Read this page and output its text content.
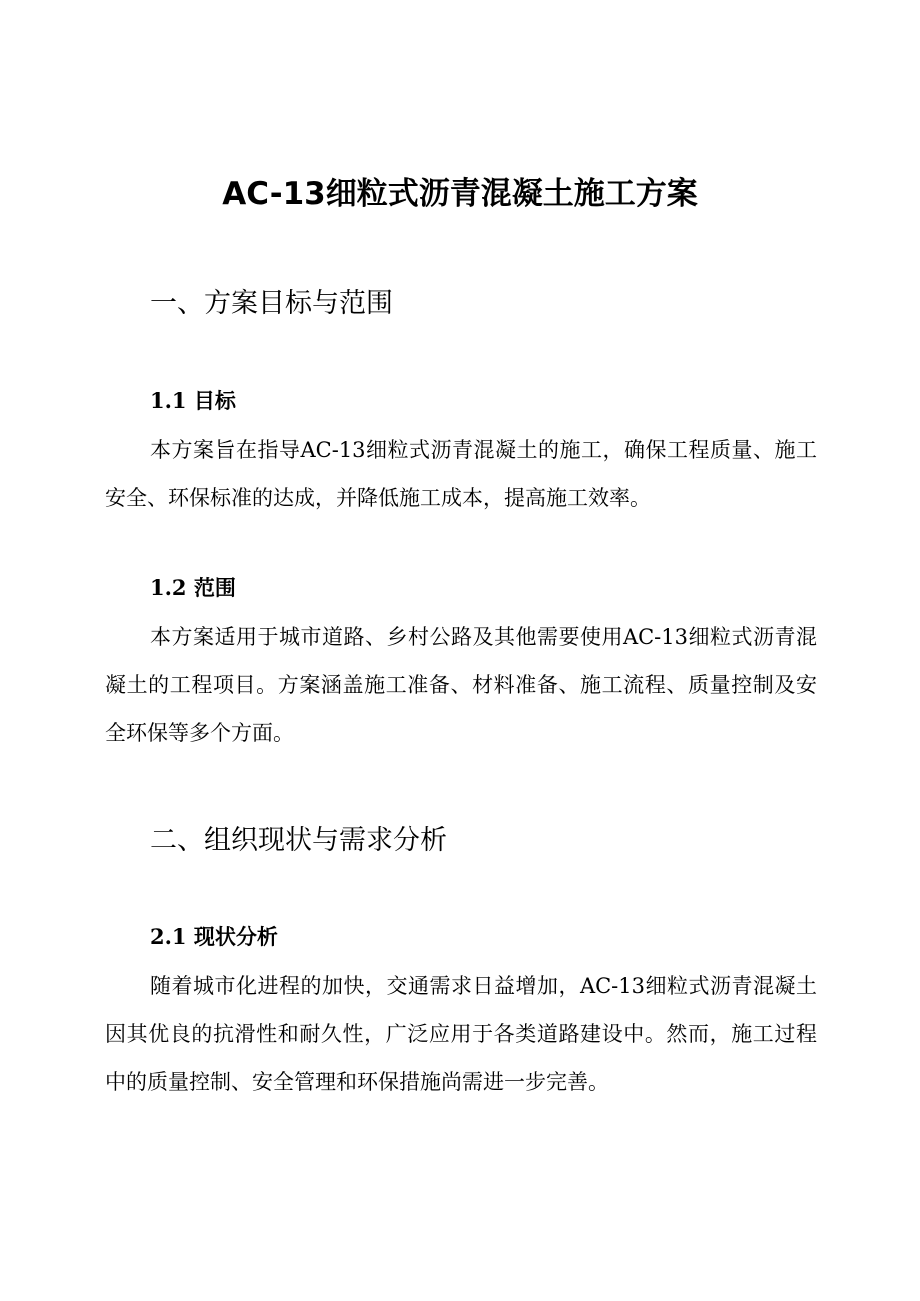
AC-13细粒式沥青混凝土施工方案
一、方案目标与范围
1.1 目标

本方案旨在指导AC-13细粒式沥青混凝土的施工，确保工程质量、施工安全、环保标准的达成，并降低施工成本，提高施工效率。

1.2 范围

本方案适用于城市道路、乡村公路及其他需要使用AC-13细粒式沥青混凝土的工程项目。方案涵盖施工准备、材料准备、施工流程、质量控制及安全环保等多个方面。

二、组织现状与需求分析
2.1 现状分析

随着城市化进程的加快，交通需求日益增加，AC-13细粒式沥青混凝土因其优良的抗滑性和耐久性，广泛应用于各类道路建设中。然而，施工过程中的质量控制、安全管理和环保措施尚需进一步完善。
